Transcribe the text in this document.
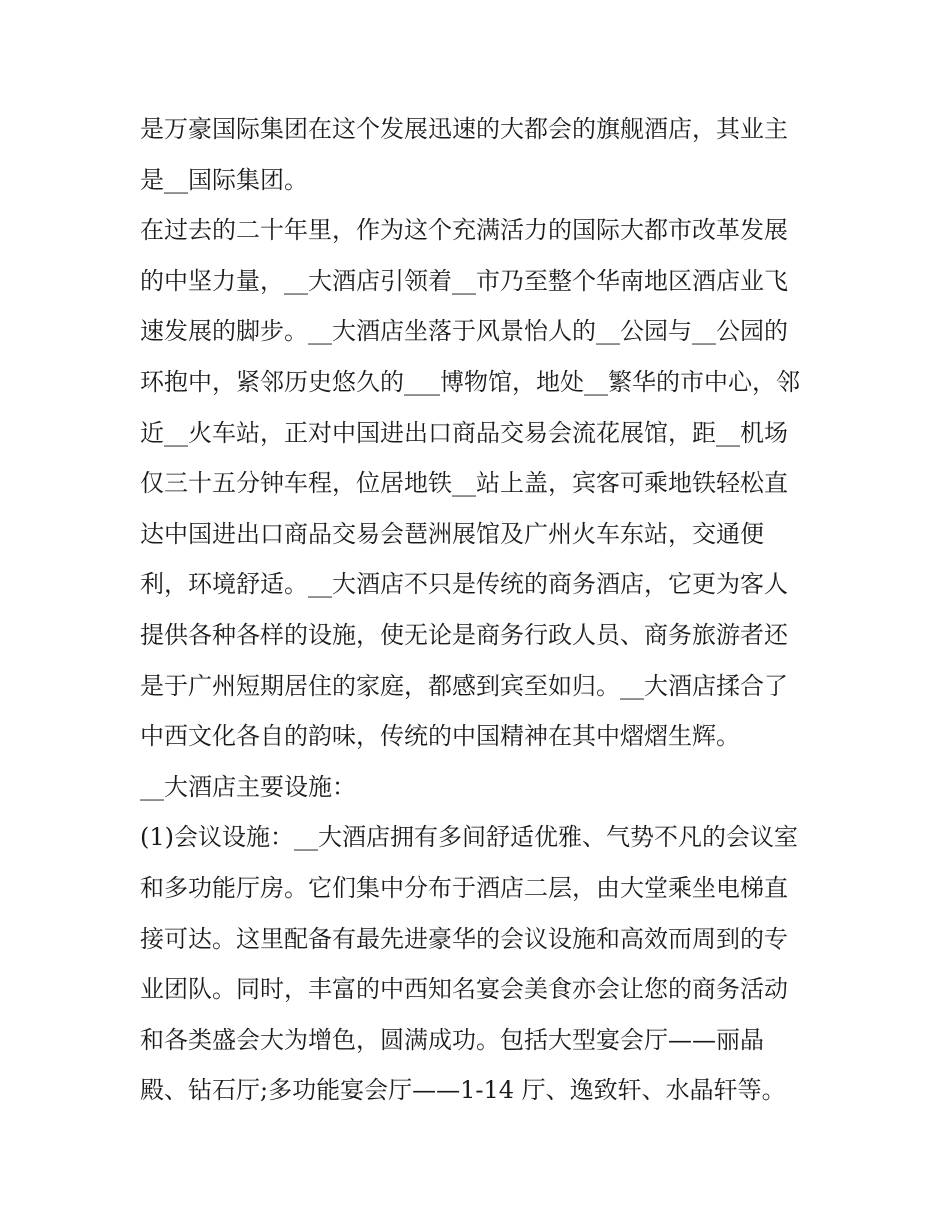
是万豪国际集团在这个发展迅速的大都会的旗舰酒店，其业主
是__国际集团。
在过去的二十年里，作为这个充满活力的国际大都市改革发展
的中坚力量，__大酒店引领着__市乃至整个华南地区酒店业飞
速发展的脚步。__大酒店坐落于风景怡人的__公园与__公园的
环抱中，紧邻历史悠久的___博物馆，地处__繁华的市中心，邻
近__火车站，正对中国进出口商品交易会流花展馆，距__机场
仅三十五分钟车程，位居地铁__站上盖，宾客可乘地铁轻松直
达中国进出口商品交易会琶洲展馆及广州火车东站，交通便
利，环境舒适。__大酒店不只是传统的商务酒店，它更为客人
提供各种各样的设施，使无论是商务行政人员、商务旅游者还
是于广州短期居住的家庭，都感到宾至如归。__大酒店揉合了
中西文化各自的韵味，传统的中国精神在其中熠熠生辉。
__大酒店主要设施：
(1)会议设施：__大酒店拥有多间舒适优雅、气势不凡的会议室
和多功能厅房。它们集中分布于酒店二层，由大堂乘坐电梯直
接可达。这里配备有最先进豪华的会议设施和高效而周到的专
业团队。同时，丰富的中西知名宴会美食亦会让您的商务活动
和各类盛会大为增色，圆满成功。包括大型宴会厅——丽晶
殿、钻石厅;多功能宴会厅——1-14 厅、逸致轩、水晶轩等。
